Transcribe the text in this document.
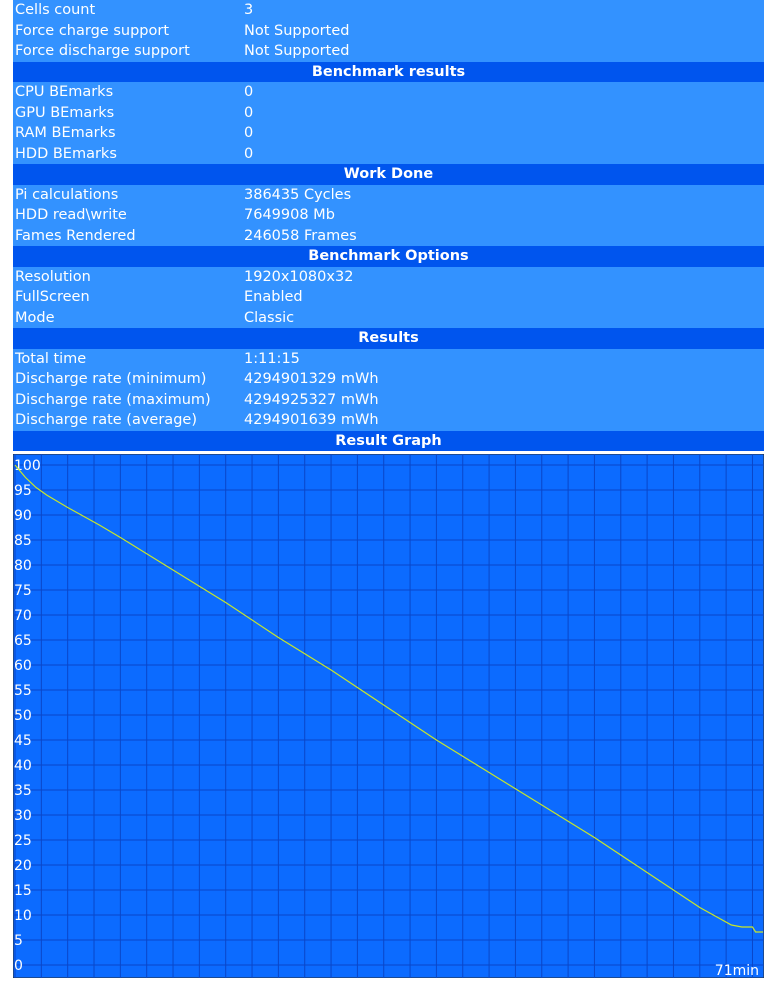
Cells count	3
Force charge support	Not Supported
Force discharge support	Not Supported
Benchmark results
CPU BEmarks	0
GPU BEmarks	0
RAM BEmarks	0
HDD BEmarks	0
Work Done
Pi calculations	386435 Cycles
HDD read\write	7649908 Mb
Fames Rendered	246058 Frames
Benchmark Options
Resolution	1920x1080x32
FullScreen	Enabled
Mode	Classic
Results
Total time	1:11:15
Discharge rate (minimum)	4294901329 mWh
Discharge rate (maximum)	4294925327 mWh
Discharge rate (average)	4294901639 mWh
Result Graph
100
95
90
85
80
75
70
65
60
55
50
45
40
35
30
25
20
15
10
5
0	71min
